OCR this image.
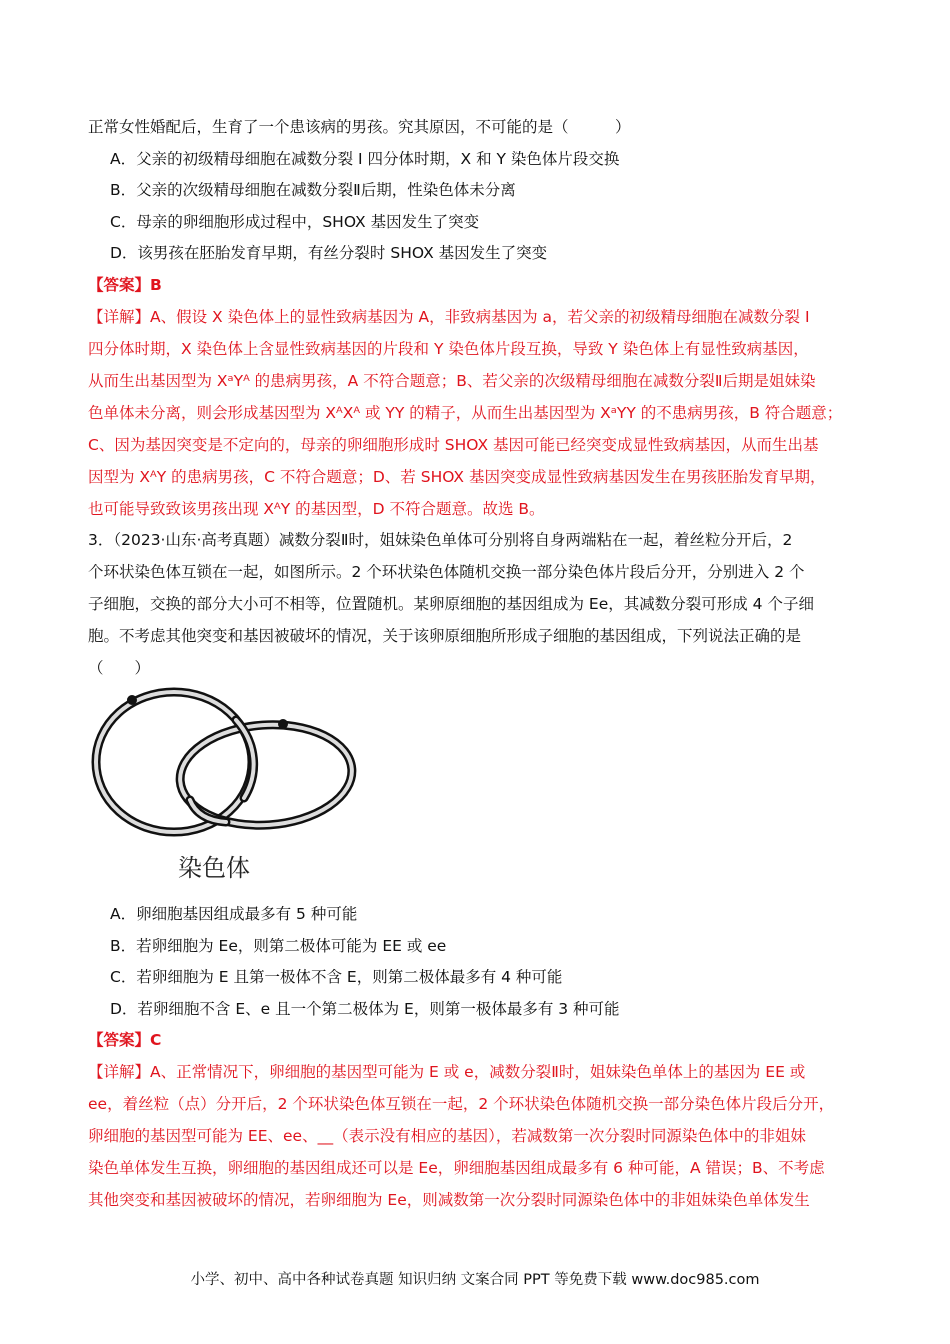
正常女性婚配后，生育了一个患该病的男孩。究其原因，不可能的是（　　　）
A．父亲的初级精母细胞在减数分裂 I 四分体时期，X 和 Y 染色体片段交换
B．父亲的次级精母细胞在减数分裂Ⅱ后期，性染色体未分离
C．母亲的卵细胞形成过程中，SHOX 基因发生了突变
D．该男孩在胚胎发育早期，有丝分裂时 SHOX 基因发生了突变
【答案】B
【详解】A、假设 X 染色体上的显性致病基因为 A，非致病基因为 a，若父亲的初级精母细胞在减数分裂 I
四分体时期，X 染色体上含显性致病基因的片段和 Y 染色体片段互换，导致 Y 染色体上有显性致病基因，
从而生出基因型为 XᵃYᴬ 的患病男孩，A 不符合题意；B、若父亲的次级精母细胞在减数分裂Ⅱ后期是姐妹染
色单体未分离，则会形成基因型为 XᴬXᴬ 或 YY 的精子，从而生出基因型为 XᵃYY 的不患病男孩，B 符合题意；
C、因为基因突变是不定向的，母亲的卵细胞形成时 SHOX 基因可能已经突变成显性致病基因，从而生出基
因型为 XᴬY 的患病男孩，C 不符合题意；D、若 SHOX 基因突变成显性致病基因发生在男孩胚胎发育早期，
也可能导致致该男孩出现 XᴬY 的基因型，D 不符合题意。故选 B。
3．（2023·山东·高考真题）减数分裂Ⅱ时，姐妹染色单体可分别将自身两端粘在一起，着丝粒分开后，2
个环状染色体互锁在一起，如图所示。2 个环状染色体随机交换一部分染色体片段后分开，分别进入 2 个
子细胞，交换的部分大小可不相等，位置随机。某卵原细胞的基因组成为 Ee，其减数分裂可形成 4 个子细
胞。不考虑其他突变和基因被破坏的情况，关于该卵原细胞所形成子细胞的基因组成，下列说法正确的是
（　　）
染色体
A．卵细胞基因组成最多有 5 种可能
B．若卵细胞为 Ee，则第二极体可能为 EE 或 ee
C．若卵细胞为 E 且第一极体不含 E，则第二极体最多有 4 种可能
D．若卵细胞不含 E、e 且一个第二极体为 E，则第一极体最多有 3 种可能
【答案】C
【详解】A、正常情况下，卵细胞的基因型可能为 E 或 e，减数分裂Ⅱ时，姐妹染色单体上的基因为 EE 或
ee，着丝粒（点）分开后，2 个环状染色体互锁在一起，2 个环状染色体随机交换一部分染色体片段后分开，
卵细胞的基因型可能为 EE、ee、__（表示没有相应的基因），若减数第一次分裂时同源染色体中的非姐妹
染色单体发生互换，卵细胞的基因组成还可以是 Ee，卵细胞基因组成最多有 6 种可能，A 错误；B、不考虑
其他突变和基因被破坏的情况，若卵细胞为 Ee，则减数第一次分裂时同源染色体中的非姐妹染色单体发生
小学、初中、高中各种试卷真题 知识归纳 文案合同 PPT 等免费下载 www.doc985.com
